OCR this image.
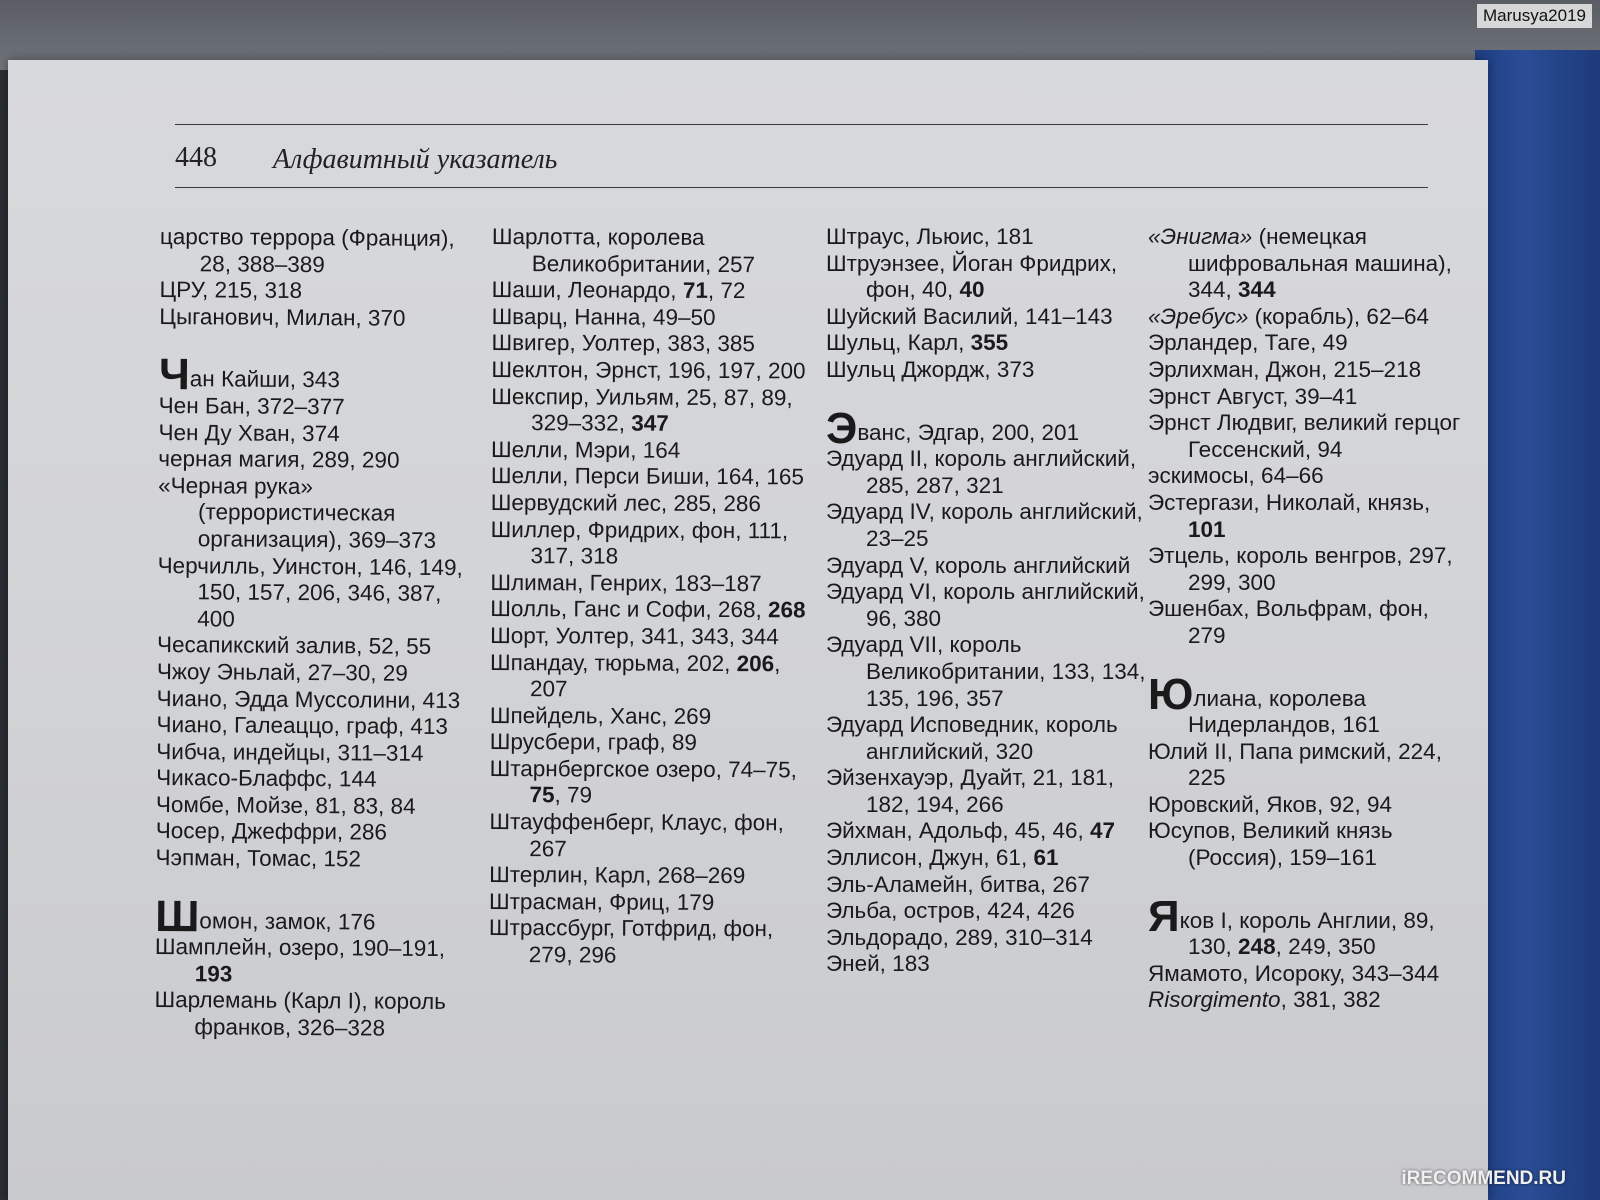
Marusya2019
448 Алфавитный указатель

царство террора (Франция), 28, 388–389

ЦРУ, 215, 318

Цыганович, Милан, 370

Чан Кайши, 343

Чен Бан, 372–377

Чен Ду Хван, 374

черная магия, 289, 290

«Черная рука» (террористическая организация), 369–373

Черчилль, Уинстон, 146, 149, 150, 157, 206, 346, 387, 400

Чесапикский залив, 52, 55

Чжоу Эньлай, 27–30, 29

Чиано, Эдда Муссолини, 413

Чиано, Галеаццо, граф, 413

Чибча, индейцы, 311–314

Чикасо-Блаффс, 144

Чомбе, Мойзе, 81, 83, 84

Чосер, Джеффри, 286

Чэпман, Томас, 152

Шомон, замок, 176

Шамплейн, озеро, 190–191, 193

Шарлемань (Карл I), король франков, 326–328

Шарлотта, королева Великобритании, 257

Шаши, Леонардо, 71, 72

Шварц, Нанна, 49–50

Швигер, Уолтер, 383, 385

Шеклтон, Эрнст, 196, 197, 200

Шекспир, Уильям, 25, 87, 89, 329–332, 347

Шелли, Мэри, 164

Шелли, Перси Биши, 164, 165

Шервудский лес, 285, 286

Шиллер, Фридрих, фон, 111, 317, 318

Шлиман, Генрих, 183–187

Шолль, Ганс и Софи, 268, 268

Шорт, Уолтер, 341, 343, 344

Шпандау, тюрьма, 202, 206, 207

Шпейдель, Ханс, 269

Шрусбери, граф, 89

Штарнбергское озеро, 74–75, 75, 79

Штауффенберг, Клаус, фон, 267

Штерлин, Карл, 268–269

Штрасман, Фриц, 179

Штрассбург, Готфрид, фон, 279, 296

Штраус, Льюис, 181

Штруэнзее, Йоган Фридрих, фон, 40, 40

Шуйский Василий, 141–143

Шульц, Карл, 355

Шульц Джордж, 373

Эванс, Эдгар, 200, 201

Эдуард II, король английский, 285, 287, 321

Эдуард IV, король английский, 23–25

Эдуард V, король английский

Эдуард VI, король английский, 96, 380

Эдуард VII, король Великобритании, 133, 134, 135, 196, 357

Эдуард Исповедник, король английский, 320

Эйзенхауэр, Дуайт, 21, 181, 182, 194, 266

Эйхман, Адольф, 45, 46, 47

Эллисон, Джун, 61, 61

Эль-Аламейн, битва, 267

Эльба, остров, 424, 426

Эльдорадо, 289, 310–314

Эней, 183

«Энигма» (немецкая шифровальная машина), 344, 344

«Эребус» (корабль), 62–64

Эрландер, Таге, 49

Эрлихман, Джон, 215–218

Эрнст Август, 39–41

Эрнст Людвиг, великий герцог Гессенский, 94

эскимосы, 64–66

Эстергази, Николай, князь, 101

Этцель, король венгров, 297, 299, 300

Эшенбах, Вольфрам, фон, 279

Юлиана, королева Нидерландов, 161

Юлий II, Папа римский, 224, 225

Юровский, Яков, 92, 94

Юсупов, Великий князь (Россия), 159–161

Яков I, король Англии, 89, 130, 248, 249, 350

Ямамото, Исороку, 343–344

Risorgimento, 381, 382

iRECOMMEND.RU
